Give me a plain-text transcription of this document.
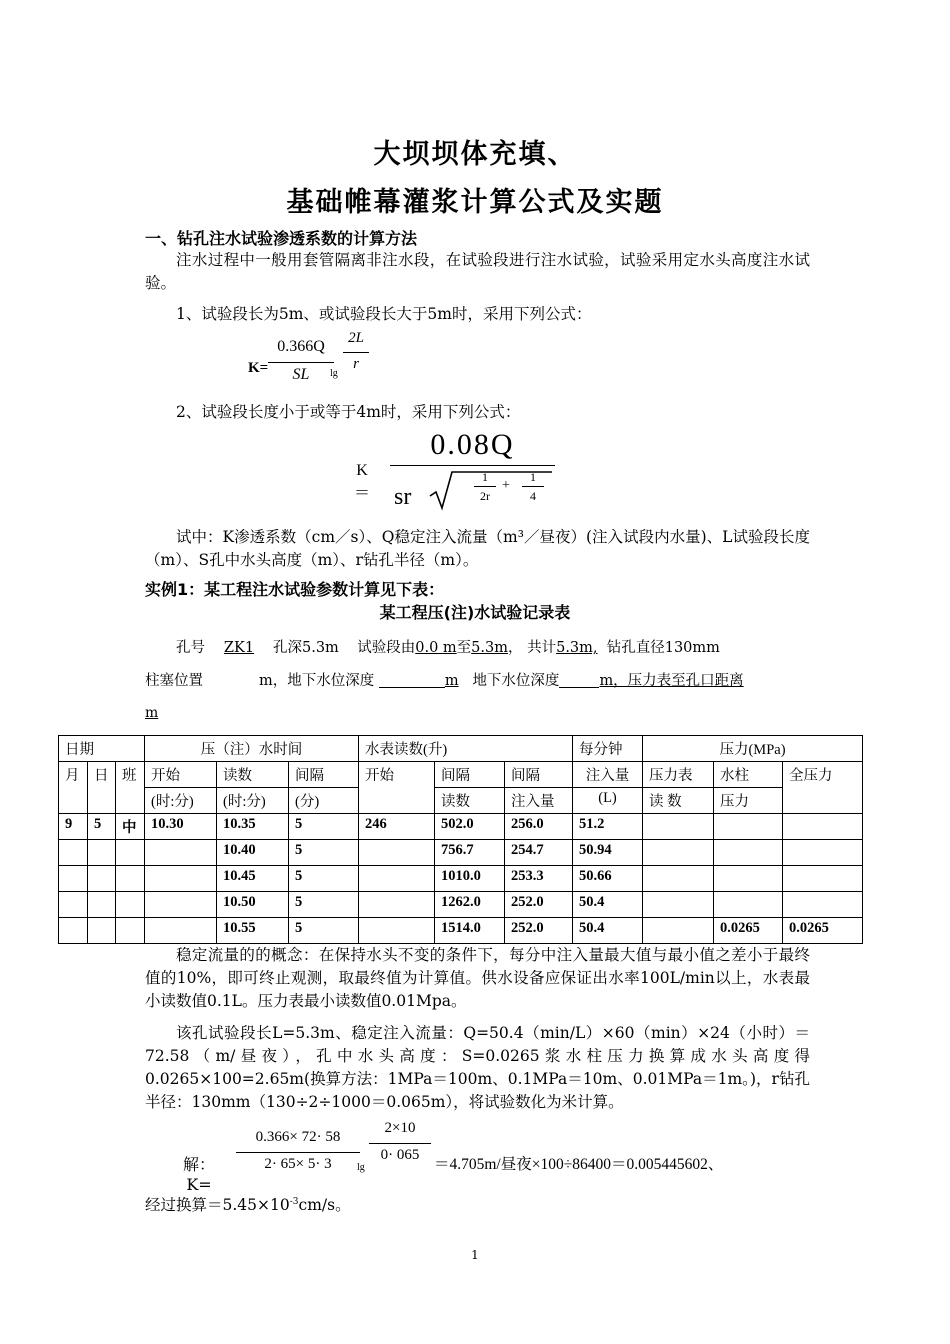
大坝坝体充填、
基础帷幕灌浆计算公式及实题
一、钻孔注水试验渗透系数的计算方法

注水过程中一般用套管隔离非注水段，在试验段进行注水试验，试验采用定水头高度注水试验。

1、试验段长为5m、或试验段长大于5m时，采用下列公式：
K=
0.366Q
SL	lg
2L
r
2、试验段长度小于或等于4m时，采用下列公式：
K＝
0.08Q
sr
1
2r
+
1
4

试中：K渗透系数（cm／s）、Q稳定注入流量（m³／昼夜）(注入试段内水量)、L试验段长度（m）、S孔中水头高度（m）、r钻孔半径（m）。

实例1：某工程注水试验参数计算见下表：
某工程压(注)水试验记录表
孔号 ZK1 孔深5.3m 试验段由0.0 m至5.3m， 共计5.3m, 钻孔直径130mm
柱塞位置	m，地下水位深度	m 地下水位深度	m，压力表至孔口距离
m
日期			压（注）水时间			水表读数(升)			每分钟	压力(MPa)		
月	日	班	开始	读数	间隔	开始	间隔	间隔	注入量	压力表	水柱	全压力
			(时:分)	(时:分)	(分)		读数	注入量	(L)	读 数	压力	
9	5	中	10.30	10.35	5	246	502.0	256.0	51.2			
				10.40	5		756.7	254.7	50.94			
				10.45	5		1010.0	253.3	50.66			
				10.50	5		1262.0	252.0	50.4			
				10.55	5		1514.0	252.0	50.4		0.0265	0.0265

稳定流量的的概念：在保持水头不变的条件下，每分中注入量最大值与最小值之差小于最终值的10%，即可终止观测，取最终值为计算值。供水设备应保证出水率100L/min以上，水表最小读数值0.1L。压力表最小读数值0.01Mpa。

该孔试验段长L=5.3m、稳定注入流量：Q=50.4（min/L）×60（min）×24（小时）＝72.58（m/昼夜），孔中水头高度：S=0.0265浆水柱压力换算成水头高度得0.0265×100=2.65m(换算方法：1MPa＝100m、0.1MPa＝10m、0.01MPa＝1m。)，r钻孔半径：130mm（130÷2÷1000＝0.065m），将试验数化为米计算。

解：K=
0.366× 72· 58
2· 65× 5· 3	lg
2×10
0· 065
＝4.705m/昼夜×100÷86400＝0.005445602、
经过换算$=5.45\times 10^{-3}cm/s$。
1
